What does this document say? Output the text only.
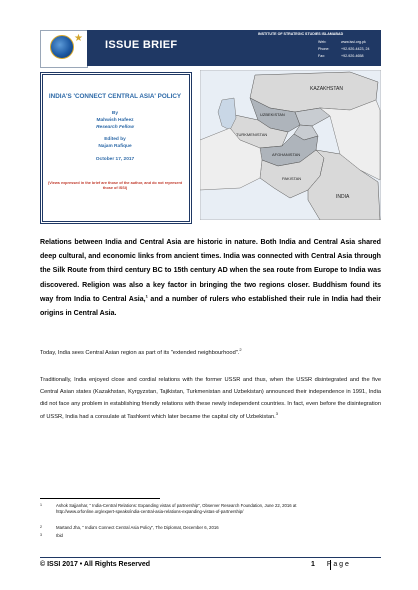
★
ISSUE BRIEF
INSTITUTE OF STRATEGIC STUDIES ISLAMABAD
Web:	www.issi.org.pk
Phone:	+92-920-4423, 24
Fax:	+92-920-4658
INDIA'S 'CONNECT CENTRAL ASIA' POLICY
By
Mahwish Hafeez
Research Fellow
Edited by
Najam Rafique
October 17, 2017
(Views expressed in the brief are those of the author, and do not represent those of ISSI)
KAZAKHSTAN
UZBEKISTAN
TURKMENISTAN
AFGHANISTAN
PAKISTAN
INDIA
Relations between India and Central Asia are historic in nature. Both India and Central Asia shared deep cultural, and economic links from ancient times. India was connected with Central Asia through the Silk Route from third century BC to 15th century AD when the sea route from Europe to India was discovered. Religion was also a key factor in bringing the two regions closer. Buddhism found its way from India to Central Asia,$^1$ and a number of rulers who established their rule in India had their origins in Central Asia.
Today, India sees Central Asian region as part of its "extended neighbourhood".$^2$
Traditionally, India enjoyed close and cordial relations with the former USSR and thus, when the USSR disintegrated and the five Central Asian states (Kazakhstan, Kyrgyzstan, Tajikistan, Turkmenistan and Uzbekistan) announced their independence in 1991, India did not face any problem in establishing friendly relations with these newly independent countries. In fact, even before the disintegration of USSR, India had a consulate at Tashkent which later became the capital city of Uzbekistan.$^3$
1	Ashok Sajjanhar, " India-Central Relations: Expanding vistas of partnership", Observer Research Foundation, June 22, 2016 at http://www.orfonline.org/expert-speaks/india-central-asia-relations-expanding-vistas-of-partnership/
2	Martand Jha, " India's Connect Central Asia Policy", The Diplomat, December 6, 2016
3	Ibid
© ISSI 2017 • All Rights Reserved	1 P a g e
